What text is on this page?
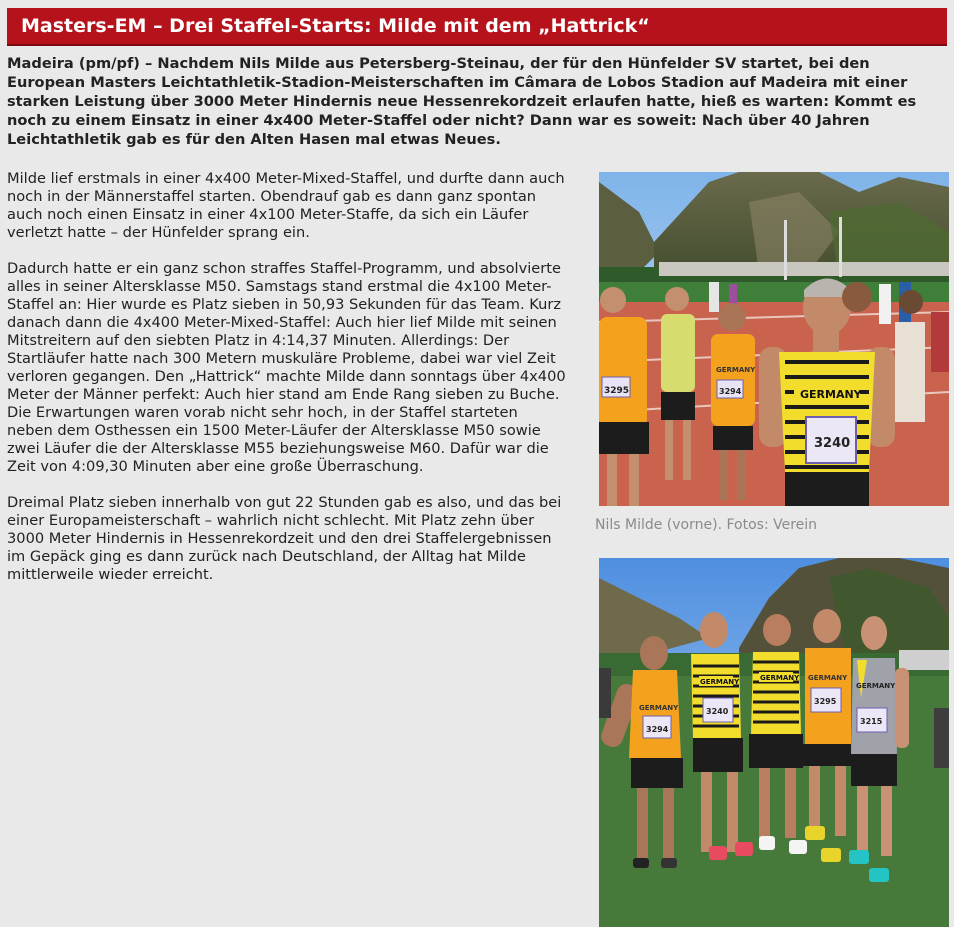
Masters-EM – Drei Staffel-Starts: Milde mit dem „Hattrick“

Madeira (pm/pf) – Nachdem Nils Milde aus Petersberg-Steinau, der für den Hünfelder SV startet, bei den European Masters Leichtathletik-Stadion-Meisterschaften im Câmara de Lobos Stadion auf Madeira mit einer starken Leistung über 3000 Meter Hindernis neue Hessenrekordzeit erlaufen hatte, hieß es warten: Kommt es noch zu einem Einsatz in einer 4x400 Meter-Staffel oder nicht? Dann war es soweit: Nach über 40 Jahren Leichtathletik gab es für den Alten Hasen mal etwas Neues.

Milde lief erstmals in einer 4x400 Meter-Mixed-Staffel, und durfte dann auch noch in der Männerstaffel starten. Obendrauf gab es dann ganz spontan auch noch einen Einsatz in einer 4x100 Meter-Staffe, da sich ein Läufer verletzt hatte – der Hünfelder sprang ein.

Dadurch hatte er ein ganz schon straffes Staffel-Programm, und absolvierte alles in seiner Altersklasse M50. Samstags stand erstmal die 4x100 Meter-Staffel an: Hier wurde es Platz sieben in 50,93 Sekunden für das Team. Kurz danach dann die 4x400 Meter-Mixed-Staffel: Auch hier lief Milde mit seinen Mitstreitern auf den siebten Platz in 4:14,37 Minuten. Allerdings: Der Startläufer hatte nach 300 Metern muskuläre Probleme, dabei war viel Zeit verloren gegangen. Den „Hattrick“ machte Milde dann sonntags über 4x400 Meter der Männer perfekt: Auch hier stand am Ende Rang sieben zu Buche. Die Erwartungen waren vorab nicht sehr hoch, in der Staffel starteten neben dem Osthessen ein 1500 Meter-Läufer der Altersklasse M50 sowie zwei Läufer die der Altersklasse M55 beziehungsweise M60. Dafür war die Zeit von 4:09,30 Minuten aber eine große Überraschung.

Dreimal Platz sieben innerhalb von gut 22 Stunden gab es also, und das bei einer Europameisterschaft – wahrlich nicht schlecht. Mit Platz zehn über 3000 Meter Hindernis in Hessenrekordzeit und den drei Staffelergebnissen im Gepäck ging es dann zurück nach Deutschland, der Alltag hat Milde mittlerweile wieder erreicht.

3295
GERMANY
3294	GERMANY
3240

Nils Milde (vorne). Fotos: Verein

GERMANY
3294
GERMANY
3240
GERMANY GERMANY
3295
GERMANY
3215
